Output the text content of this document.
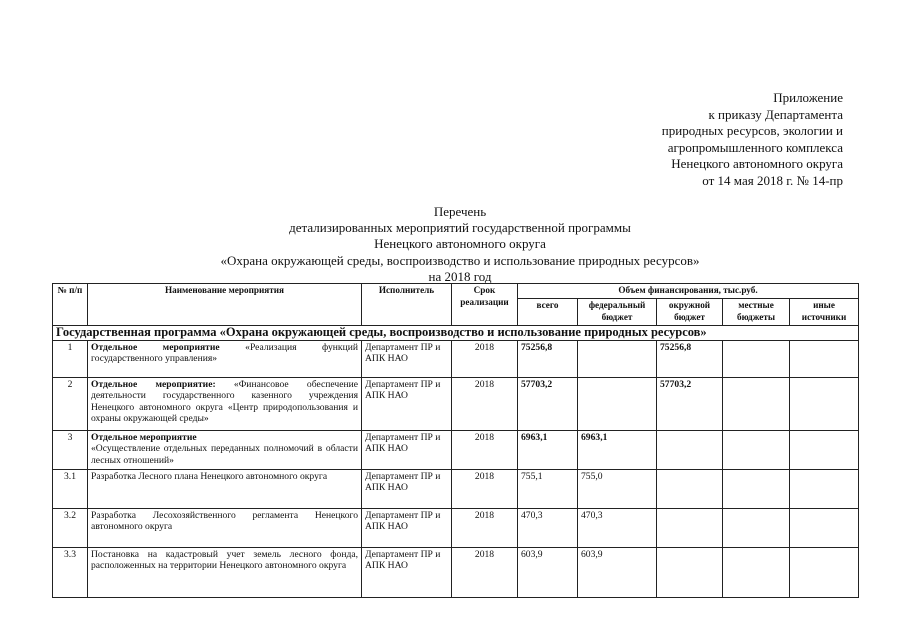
Приложение
к приказу Департамента
природных ресурсов, экологии и
агропромышленного комплекса
Ненецкого автономного округа
от 14 мая 2018 г. № 14-пр
Перечень
детализированных мероприятий государственной программы
Ненецкого автономного округа
«Охрана окружающей среды, воспроизводство и использование природных ресурсов»
на 2018 год
№ п/п	Наименование мероприятия	Исполнитель	Срок реализации	Объем финансирования, тыс.руб.				
				всего	федеральный бюджет	окружной бюджет	местные бюджеты	иные источники
Государственная программа «Охрана окружающей среды, воспроизводство и использование природных ресурсов»								
1	Отдельное мероприятие «Реализация функций государственного управления»	Департамент ПР и АПК НАО	2018	75256,8		75256,8		
2	Отдельное мероприятие: «Финансовое обеспечение деятельности государственного казенного учреждения Ненецкого автономного округа «Центр природопользования и охраны окружающей среды»	Департамент ПР и АПК НАО	2018	57703,2		57703,2		
3	Отдельное мероприятие
«Осуществление отдельных переданных полномочий в области лесных отношений»	Департамент ПР и АПК НАО	2018	6963,1	6963,1			
3.1	Разработка Лесного плана Ненецкого автономного округа	Департамент ПР и АПК НАО	2018	755,1	755,0			
3.2	Разработка Лесохозяйственного регламента Ненецкого автономного округа	Департамент ПР и АПК НАО	2018	470,3	470,3			
3.3	Постановка на кадастровый учет земель лесного фонда, расположенных на территории Ненецкого автономного округа	Департамент ПР и АПК НАО	2018	603,9	603,9			
